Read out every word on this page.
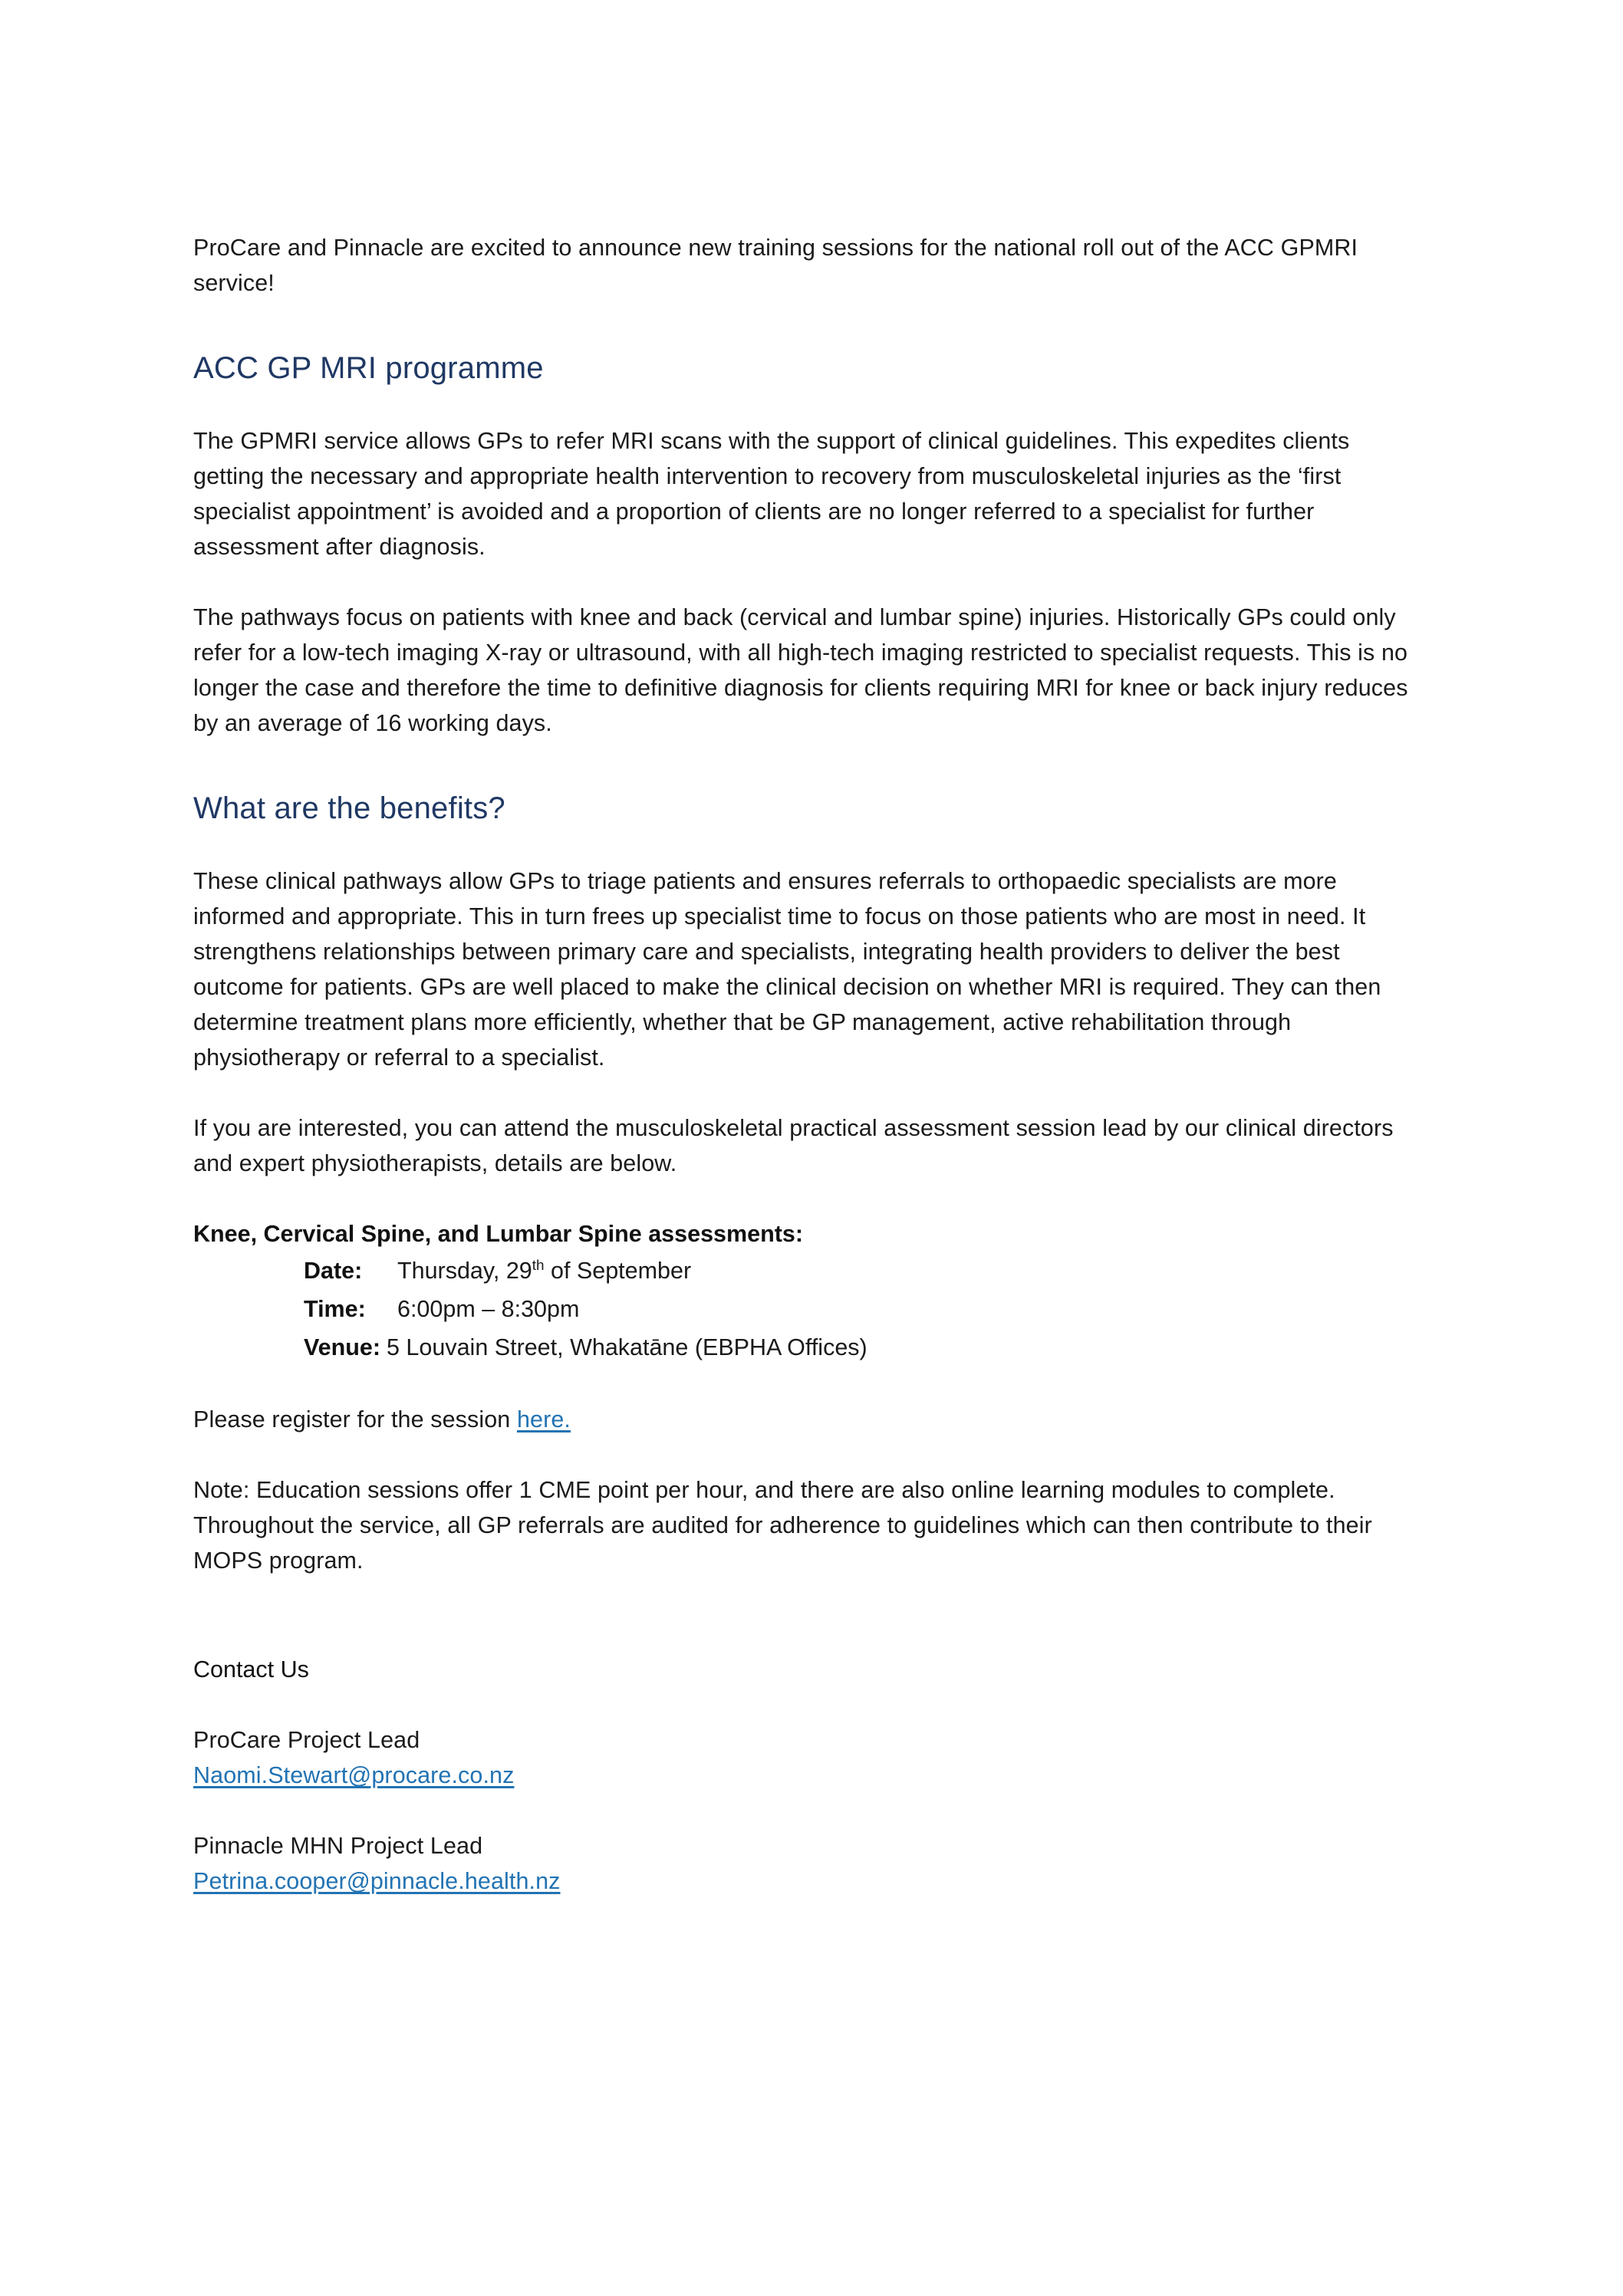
ProCare and Pinnacle are excited to announce new training sessions for the national roll out of the ACC GPMRI service!

ACC GP MRI programme

The GPMRI service allows GPs to refer MRI scans with the support of clinical guidelines. This expedites clients getting the necessary and appropriate health intervention to recovery from musculoskeletal injuries as the ‘first specialist appointment’ is avoided and a proportion of clients are no longer referred to a specialist for further assessment after diagnosis.

The pathways focus on patients with knee and back (cervical and lumbar spine) injuries. Historically GPs could only refer for a low-tech imaging X-ray or ultrasound, with all high-tech imaging restricted to specialist requests. This is no longer the case and therefore the time to definitive diagnosis for clients requiring MRI for knee or back injury reduces by an average of 16 working days.

What are the benefits?

These clinical pathways allow GPs to triage patients and ensures referrals to orthopaedic specialists are more informed and appropriate. This in turn frees up specialist time to focus on those patients who are most in need. It strengthens relationships between primary care and specialists, integrating health providers to deliver the best outcome for patients. GPs are well placed to make the clinical decision on whether MRI is required. They can then determine treatment plans more efficiently, whether that be GP management, active rehabilitation through physiotherapy or referral to a specialist.

If you are interested, you can attend the musculoskeletal practical assessment session lead by our clinical directors and expert physiotherapists, details are below.

Knee, Cervical Spine, and Lumbar Spine assessments:

Date: Thursday, 29th of September
Time: 6:00pm – 8:30pm
Venue: 5 Louvain Street, Whakatāne (EBPHA Offices)

Please register for the session here.

Note: Education sessions offer 1 CME point per hour, and there are also online learning modules to complete. Throughout the service, all GP referrals are audited for adherence to guidelines which can then contribute to their MOPS program.

Contact Us

ProCare Project Lead

Naomi.Stewart@procare.co.nz

Pinnacle MHN Project Lead

Petrina.cooper@pinnacle.health.nz
